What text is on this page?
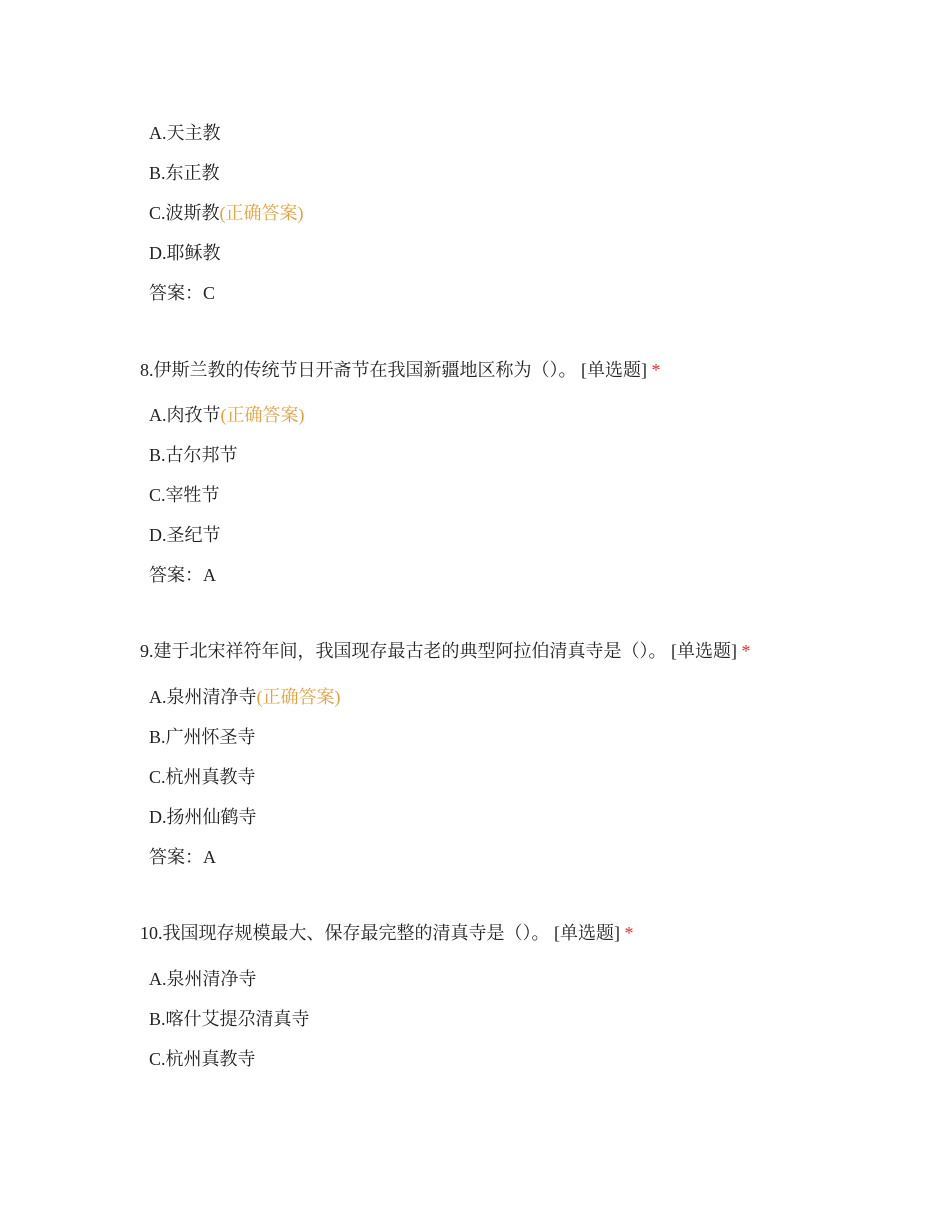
A.天主教
B.东正教
C.波斯教(正确答案)
D.耶稣教
答案：C
8.伊斯兰教的传统节日开斋节在我国新疆地区称为（）。 [单选题] *
A.肉孜节(正确答案)
B.古尔邦节
C.宰牲节
D.圣纪节
答案：A
9.建于北宋祥符年间，我国现存最古老的典型阿拉伯清真寺是（）。 [单选题] *
A.泉州清净寺(正确答案)
B.广州怀圣寺
C.杭州真教寺
D.扬州仙鹤寺
答案：A
10.我国现存规模最大、保存最完整的清真寺是（）。 [单选题] *
A.泉州清净寺
B.喀什艾提尕清真寺
C.杭州真教寺
